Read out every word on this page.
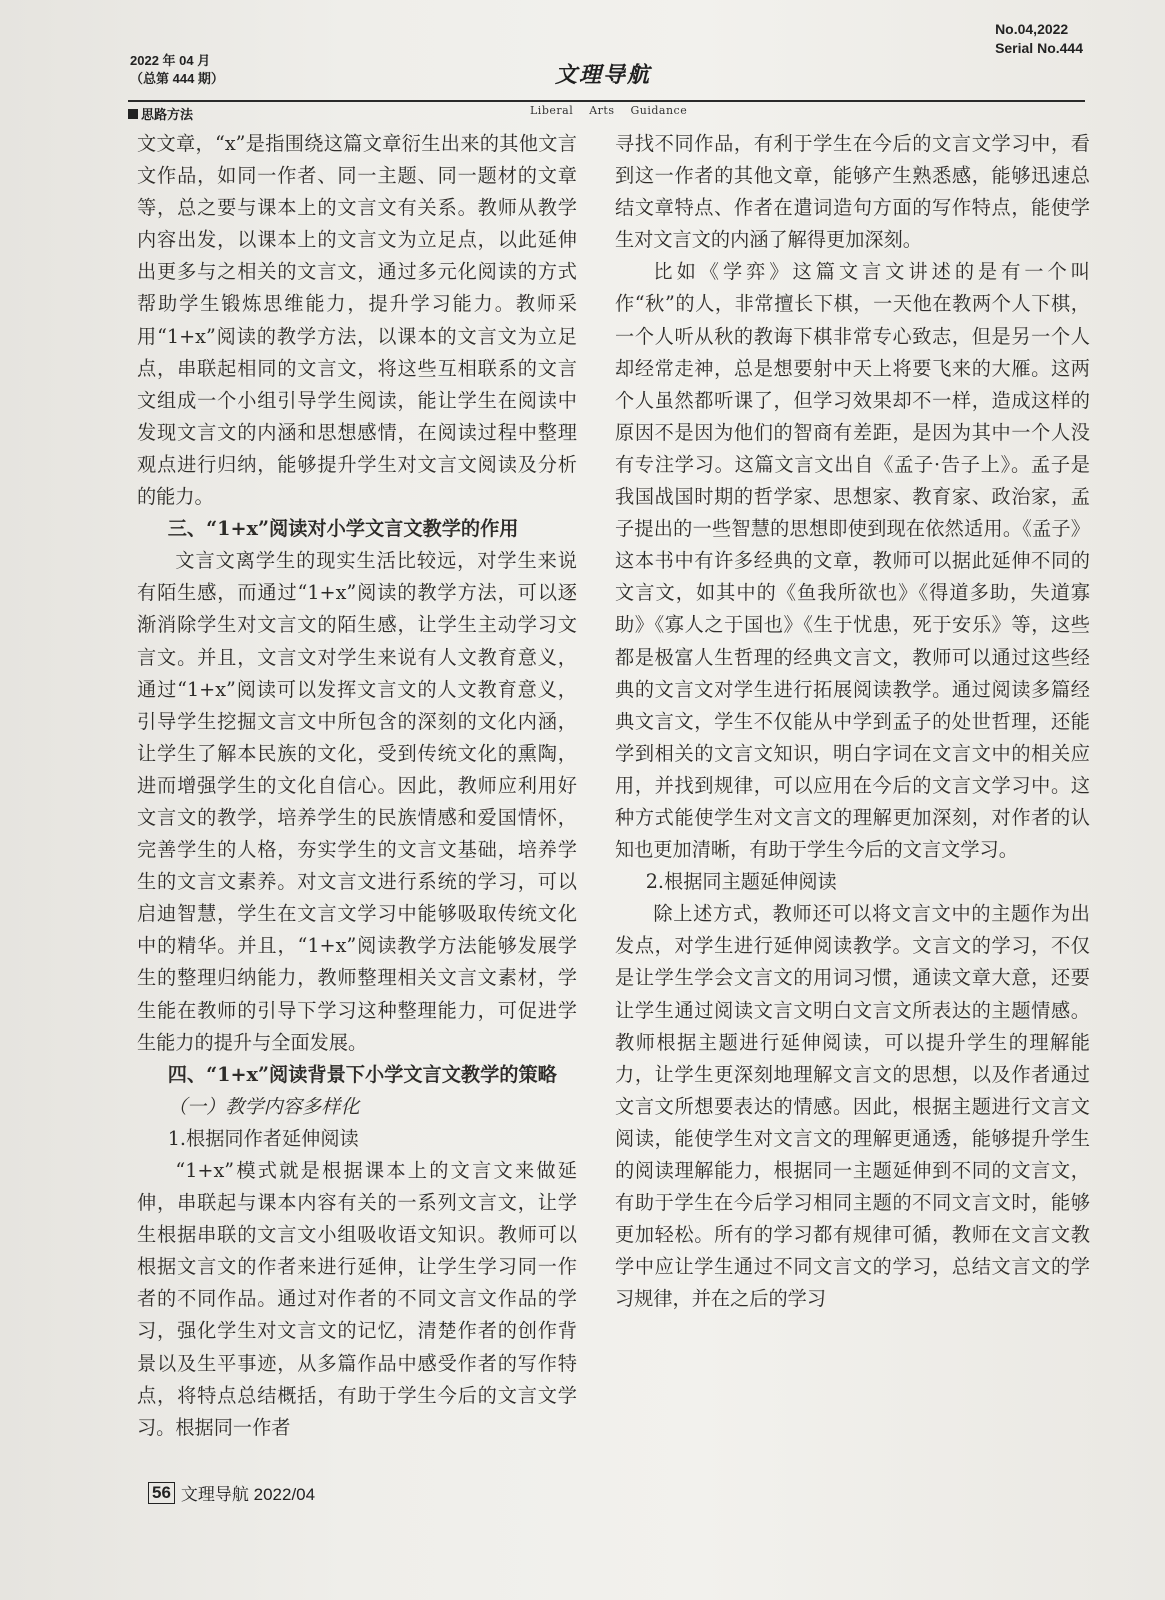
2022 年 04 月
（总第 444 期）	文理导航
No.04,2022
Serial No.444
思路方法	Liberal Arts Guidance

文文章，“x”是指围绕这篇文章衍生出来的其他文言文作品，如同一作者、同一主题、同一题材的文章等，总之要与课本上的文言文有关系。教师从教学内容出发，以课本上的文言文为立足点，以此延伸出更多与之相关的文言文，通过多元化阅读的方式帮助学生锻炼思维能力，提升学习能力。教师采用“1+x”阅读的教学方法，以课本的文言文为立足点，串联起相同的文言文，将这些互相联系的文言文组成一个小组引导学生阅读，能让学生在阅读中发现文言文的内涵和思想感情，在阅读过程中整理观点进行归纳，能够提升学生对文言文阅读及分析的能力。

三、“1+x”阅读对小学文言文教学的作用

文言文离学生的现实生活比较远，对学生来说有陌生感，而通过“1+x”阅读的教学方法，可以逐渐消除学生对文言文的陌生感，让学生主动学习文言文。并且，文言文对学生来说有人文教育意义，通过“1+x”阅读可以发挥文言文的人文教育意义，引导学生挖掘文言文中所包含的深刻的文化内涵，让学生了解本民族的文化，受到传统文化的熏陶，进而增强学生的文化自信心。因此，教师应利用好文言文的教学，培养学生的民族情感和爱国情怀，完善学生的人格，夯实学生的文言文基础，培养学生的文言文素养。对文言文进行系统的学习，可以启迪智慧，学生在文言文学习中能够吸取传统文化中的精华。并且，“1+x”阅读教学方法能够发展学生的整理归纳能力，教师整理相关文言文素材，学生能在教师的引导下学习这种整理能力，可促进学生能力的提升与全面发展。

四、“1+x”阅读背景下小学文言文教学的策略
（一）教学内容多样化
1.根据同作者延伸阅读

“1+x”模式就是根据课本上的文言文来做延伸，串联起与课本内容有关的一系列文言文，让学生根据串联的文言文小组吸收语文知识。教师可以根据文言文的作者来进行延伸，让学生学习同一作者的不同作品。通过对作者的不同文言文作品的学习，强化学生对文言文的记忆，清楚作者的创作背景以及生平事迹，从多篇作品中感受作者的写作特点，将特点总结概括，有助于学生今后的文言文学习。根据同一作者

寻找不同作品，有利于学生在今后的文言文学习中，看到这一作者的其他文章，能够产生熟悉感，能够迅速总结文章特点、作者在遣词造句方面的写作特点，能使学生对文言文的内涵了解得更加深刻。

比如《学弈》这篇文言文讲述的是有一个叫作“秋”的人，非常擅长下棋，一天他在教两个人下棋，一个人听从秋的教诲下棋非常专心致志，但是另一个人却经常走神，总是想要射中天上将要飞来的大雁。这两个人虽然都听课了，但学习效果却不一样，造成这样的原因不是因为他们的智商有差距，是因为其中一个人没有专注学习。这篇文言文出自《孟子·告子上》。孟子是我国战国时期的哲学家、思想家、教育家、政治家，孟子提出的一些智慧的思想即使到现在依然适用。《孟子》这本书中有许多经典的文章，教师可以据此延伸不同的文言文，如其中的《鱼我所欲也》《得道多助，失道寡助》《寡人之于国也》《生于忧患，死于安乐》等，这些都是极富人生哲理的经典文言文，教师可以通过这些经典的文言文对学生进行拓展阅读教学。通过阅读多篇经典文言文，学生不仅能从中学到孟子的处世哲理，还能学到相关的文言文知识，明白字词在文言文中的相关应用，并找到规律，可以应用在今后的文言文学习中。这种方式能使学生对文言文的理解更加深刻，对作者的认知也更加清晰，有助于学生今后的文言文学习。

2.根据同主题延伸阅读

除上述方式，教师还可以将文言文中的主题作为出发点，对学生进行延伸阅读教学。文言文的学习，不仅是让学生学会文言文的用词习惯，通读文章大意，还要让学生通过阅读文言文明白文言文所表达的主题情感。教师根据主题进行延伸阅读，可以提升学生的理解能力，让学生更深刻地理解文言文的思想，以及作者通过文言文所想要表达的情感。因此，根据主题进行文言文阅读，能使学生对文言文的理解更通透，能够提升学生的阅读理解能力，根据同一主题延伸到不同的文言文，有助于学生在今后学习相同主题的不同文言文时，能够更加轻松。所有的学习都有规律可循，教师在文言文教学中应让学生通过不同文言文的学习，总结文言文的学习规律，并在之后的学习

56 文理导航 2022/04
